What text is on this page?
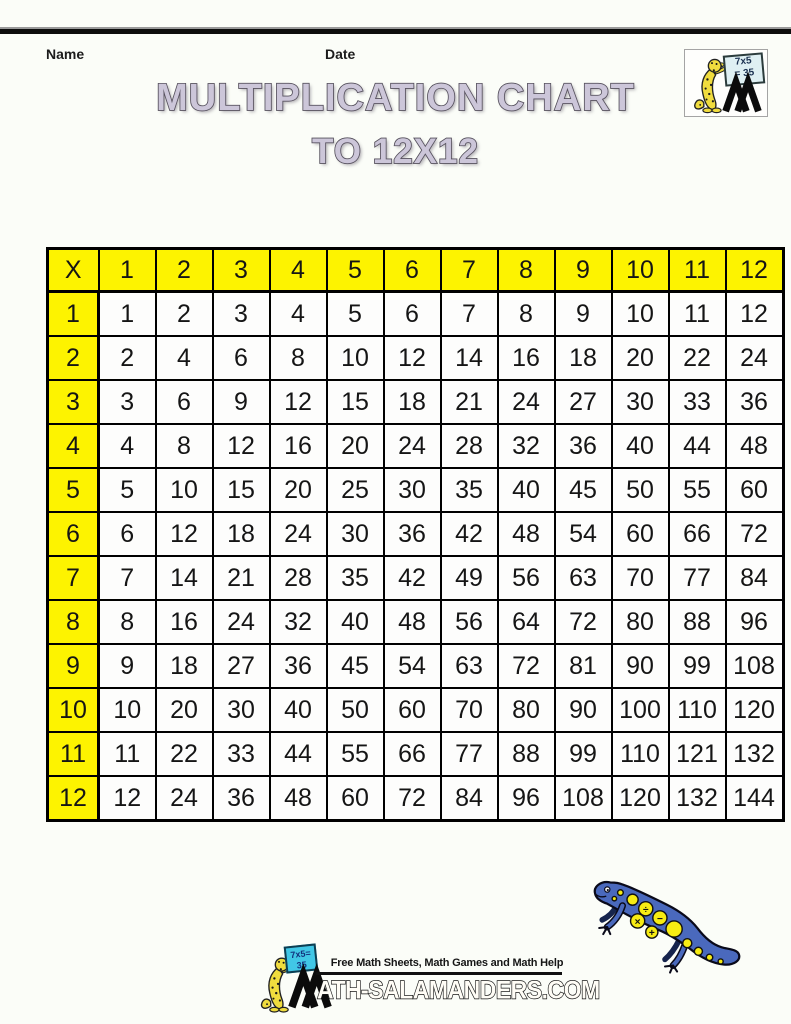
Name	Date	7x5
= 35
MULTIPLICATION CHART
TO 12X12
X	1	2	3	4	5	6	7	8	9	10	11	12
1	1	2	3	4	5	6	7	8	9	10	11	12
2	2	4	6	8	10	12	14	16	18	20	22	24
3	3	6	9	12	15	18	21	24	27	30	33	36
4	4	8	12	16	20	24	28	32	36	40	44	48
5	5	10	15	20	25	30	35	40	45	50	55	60
6	6	12	18	24	30	36	42	48	54	60	66	72
7	7	14	21	28	35	42	49	56	63	70	77	84
8	8	16	24	32	40	48	56	64	72	80	88	96
9	9	18	27	36	45	54	63	72	81	90	99	108
10	10	20	30	40	50	60	70	80	90	100	110	120
11	11	22	33	44	55	66	77	88	99	110	121	132
12	12	24	36	48	60	72	84	96	108	120	132	144
÷
× −
+
7x5=
35	Free Math Sheets, Math Games and Math Help
ATH-SALAMANDERS.COM
